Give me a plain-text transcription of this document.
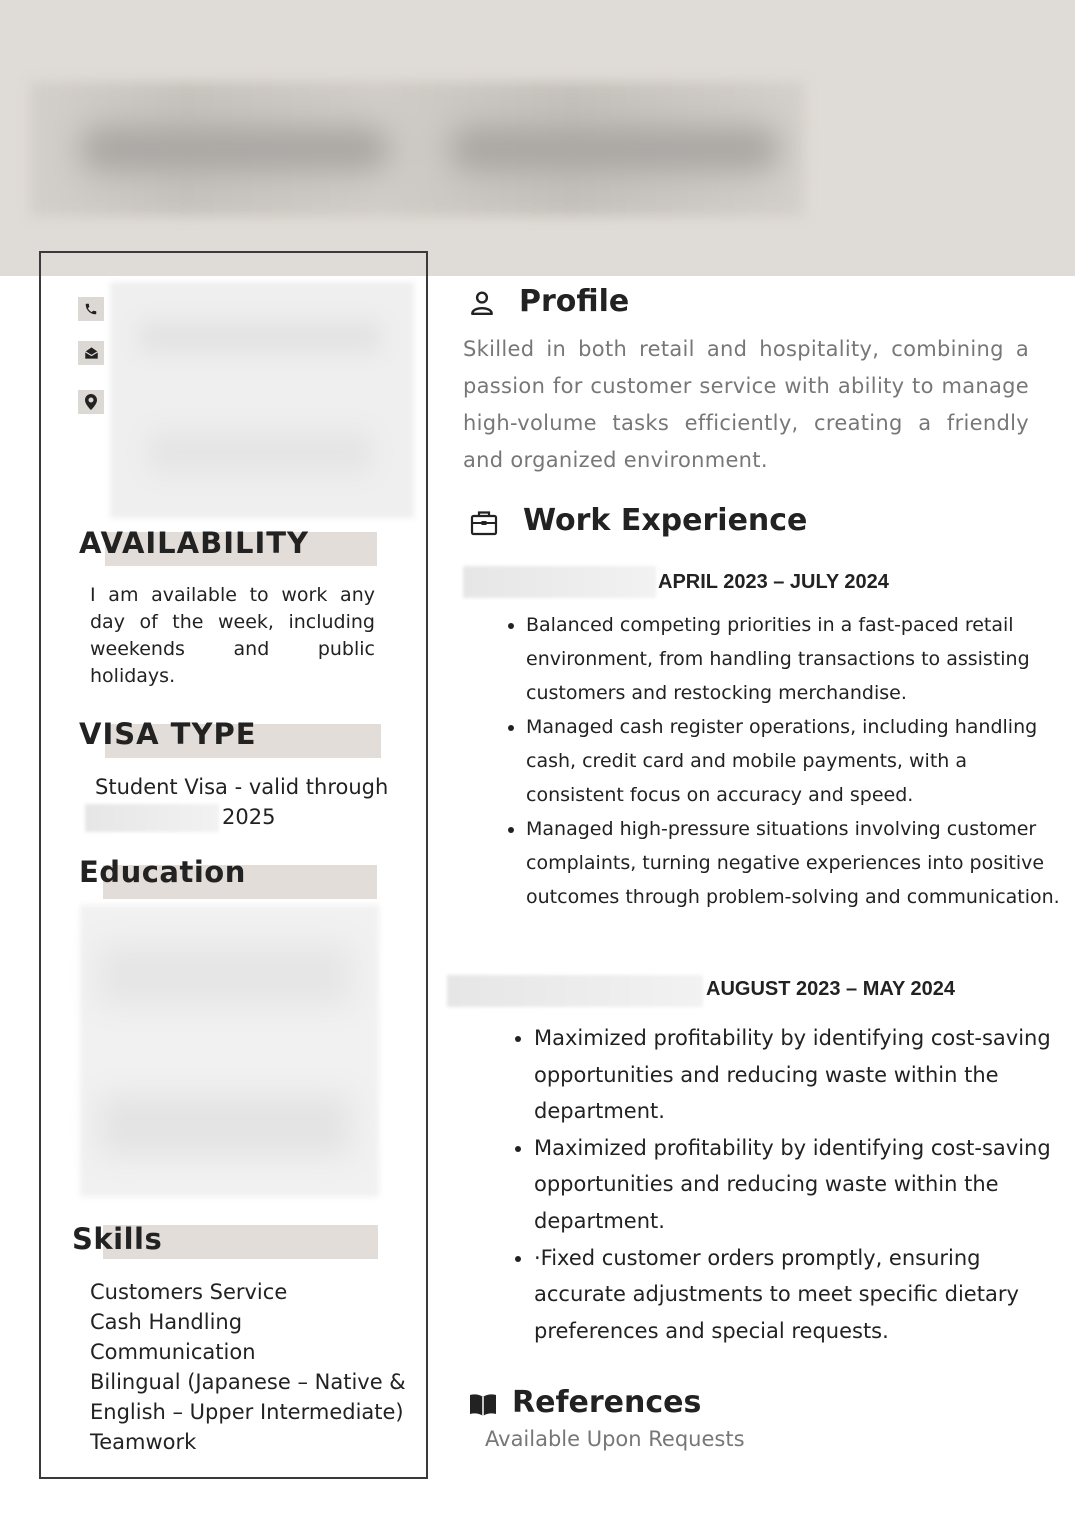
AVAILABILITY
I am available to work any day of the week, including weekends and public holidays.
VISA TYPE
Student Visa - valid through
2025
Education
Skills
Customers Service
Cash Handling
Communication
Bilingual (Japanese – Native &
English – Upper Intermediate)
Teamwork
Profile
Skilled in both retail and hospitality, combining a passion for customer service with ability to manage high-volume tasks efficiently, creating a friendly and organized environment.
Work Experience
APRIL 2023 – JULY 2024
• Balanced competing priorities in a fast-paced retail environment, from handling transactions to assisting customers and restocking merchandise.
• Managed cash register operations, including handling cash, credit card and mobile payments, with a consistent focus on accuracy and speed.
• Managed high-pressure situations involving customer complaints, turning negative experiences into positive outcomes through problem-solving and communication.
AUGUST 2023 – MAY 2024
• Maximized profitability by identifying cost-saving opportunities and reducing waste within the department.
• Maximized profitability by identifying cost-saving opportunities and reducing waste within the department.
• ·Fixed customer orders promptly, ensuring accurate adjustments to meet specific dietary preferences and special requests.
References
Available Upon Requests
